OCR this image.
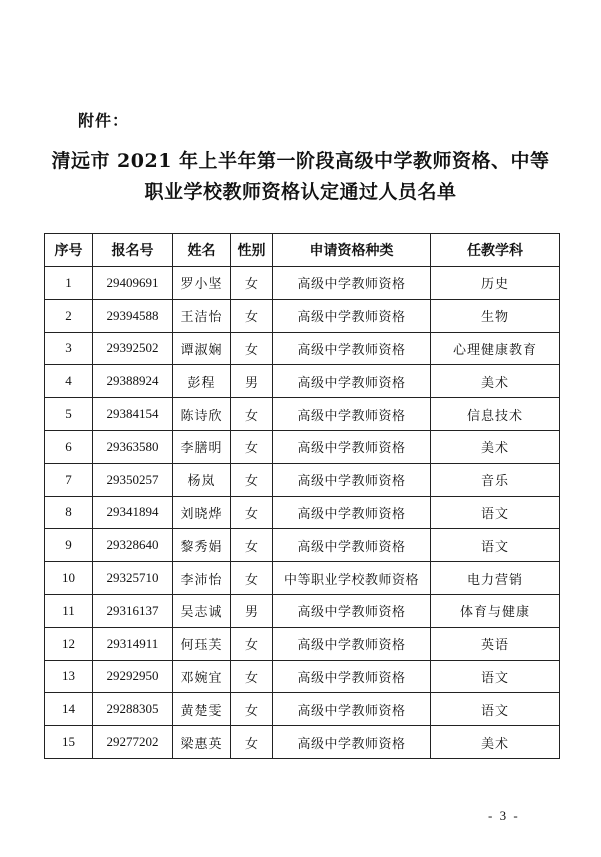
附件：
清远市 2021 年上半年第一阶段高级中学教师资格、中等
职业学校教师资格认定通过人员名单
序号	报名号	姓名	性别	申请资格种类	任教学科
1	29409691	罗小坚	女	高级中学教师资格	历史
2	29394588	王洁怡	女	高级中学教师资格	生物
3	29392502	谭淑娴	女	高级中学教师资格	心理健康教育
4	29388924	彭程	男	高级中学教师资格	美术
5	29384154	陈诗欣	女	高级中学教师资格	信息技术
6	29363580	李膳明	女	高级中学教师资格	美术
7	29350257	杨岚	女	高级中学教师资格	音乐
8	29341894	刘晓烨	女	高级中学教师资格	语文
9	29328640	黎秀娟	女	高级中学教师资格	语文
10	29325710	李沛怡	女	中等职业学校教师资格	电力营销
11	29316137	吴志诚	男	高级中学教师资格	体育与健康
12	29314911	何珏芙	女	高级中学教师资格	英语
13	29292950	邓婉宜	女	高级中学教师资格	语文
14	29288305	黄楚雯	女	高级中学教师资格	语文
15	29277202	梁惠英	女	高级中学教师资格	美术
- 3 -
